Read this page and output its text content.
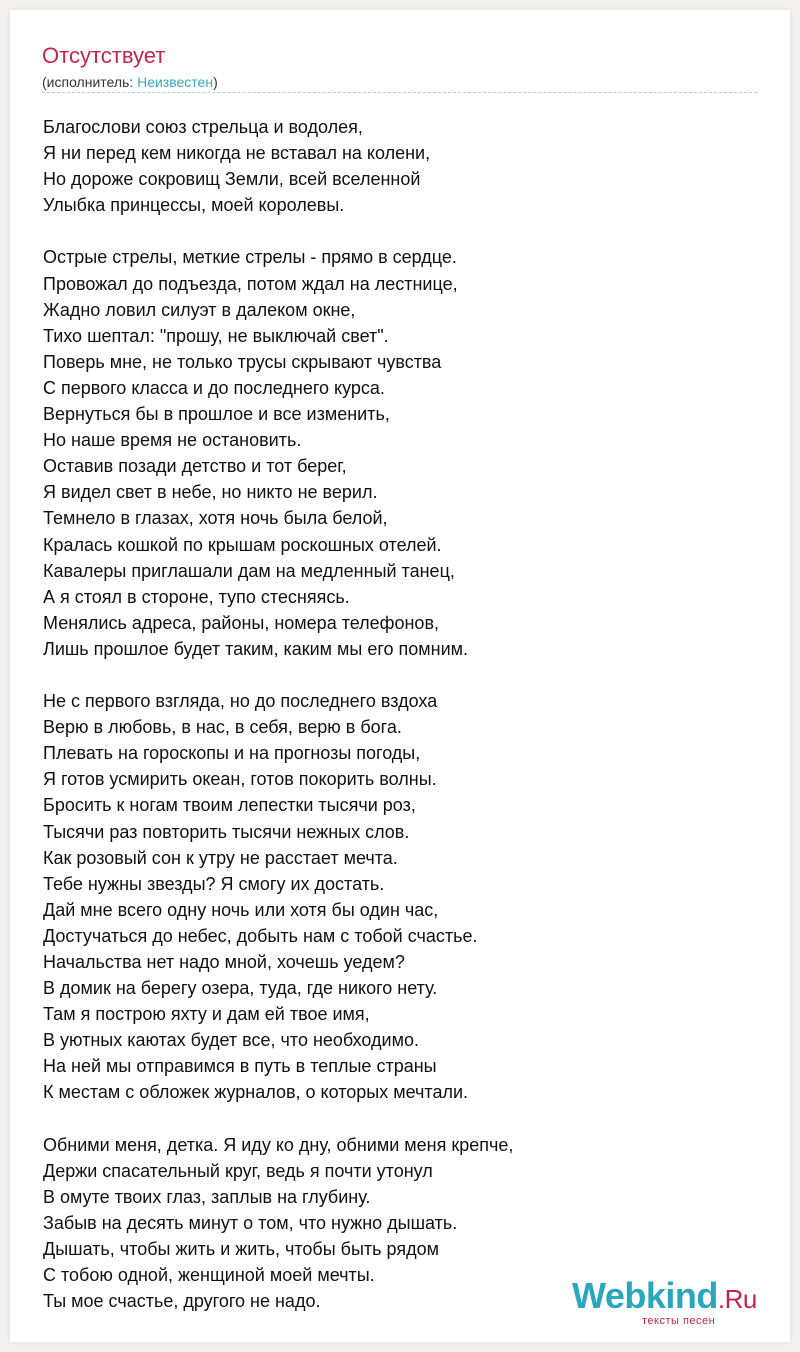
Отсутствует
(исполнитель: Неизвестен)
Благослови союз стрельца и водолея,
Я ни перед кем никогда не вставал на колени,
Но дороже сокровищ Земли, всей вселенной
Улыбка принцессы, моей королевы.
Острые стрелы, меткие стрелы - прямо в сердце.
Провожал до подъезда, потом ждал на лестнице,
Жадно ловил силуэт в далеком окне,
Тихо шептал: "прошу, не выключай свет".
Поверь мне, не только трусы скрывают чувства
С первого класса и до последнего курса.
Вернуться бы в прошлое и все изменить,
Но наше время не остановить.
Оставив позади детство и тот берег,
Я видел свет в небе, но никто не верил.
Темнело в глазах, хотя ночь была белой,
Кралась кошкой по крышам роскошных отелей.
Кавалеры приглашали дам на медленный танец,
А я стоял в стороне, тупо стесняясь.
Менялись адреса, районы, номера телефонов,
Лишь прошлое будет таким, каким мы его помним.
Не с первого взгляда, но до последнего вздоха
Верю в любовь, в нас, в себя, верю в бога.
Плевать на гороскопы и на прогнозы погоды,
Я готов усмирить океан, готов покорить волны.
Бросить к ногам твоим лепестки тысячи роз,
Тысячи раз повторить тысячи нежных слов.
Как розовый сон к утру не расстает мечта.
Тебе нужны звезды? Я смогу их достать.
Дай мне всего одну ночь или хотя бы один час,
Достучаться до небес, добыть нам с тобой счастье.
Начальства нет надо мной, хочешь уедем?
В домик на берегу озера, туда, где никого нету.
Там я построю яхту и дам ей твое имя,
В уютных каютах будет все, что необходимо.
На ней мы отправимся в путь в теплые страны
К местам с обложек журналов, о которых мечтали.
Обними меня, детка. Я иду ко дну, обними меня крепче,
Держи спасательный круг, ведь я почти утонул
В омуте твоих глаз, заплыв на глубину.
Забыв на десять минут о том, что нужно дышать.
Дышать, чтобы жить и жить, чтобы быть рядом
С тобою одной, женщиной моей мечты.
Ты мое счастье, другого не надо.	Webkind.Ru
тексты песен
